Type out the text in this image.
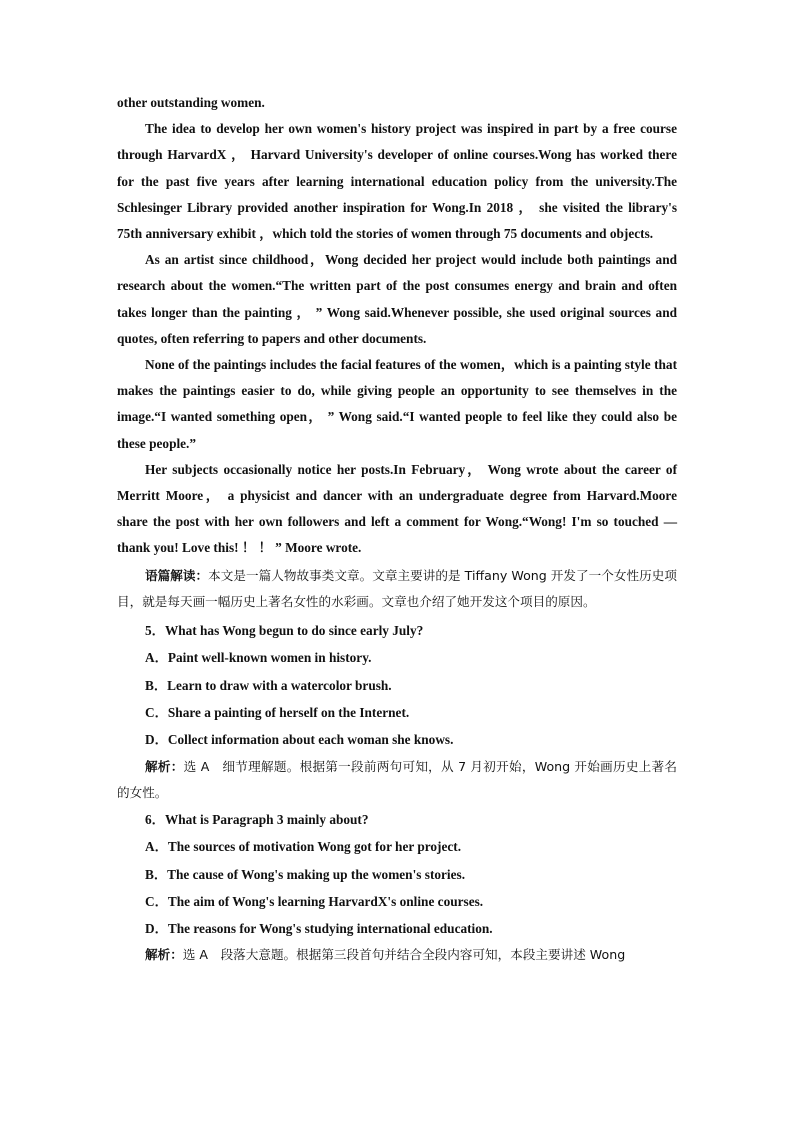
other outstanding women.

The idea to develop her own women's history project was inspired in part by a free course through HarvardX ， Harvard University's developer of online courses.Wong has worked there for the past five years after learning international education policy from the university.The Schlesinger Library provided another inspiration for Wong.In 2018 ， she visited the library's 75th anniversary exhibit ，which told the stories of women through 75 documents and objects.

As an artist since childhood，Wong decided her project would include both paintings and research about the women.“The written part of the post consumes energy and brain and often takes longer than the painting ， ” Wong said.Whenever possible, she used original sources and quotes, often referring to papers and other documents.

None of the paintings includes the facial features of the women，which is a painting style that makes the paintings easier to do, while giving people an opportunity to see themselves in the image.“I wanted something open， ” Wong said.“I wanted people to feel like they could also be these people.”

Her subjects occasionally notice her posts.In February， Wong wrote about the career of Merritt Moore， a physicist and dancer with an undergraduate degree from Harvard.Moore share the post with her own followers and left a comment for Wong.“Wong! I'm so touched — thank you! Love this! ！ ！ ” Moore wrote.

语篇解读：本文是一篇人物故事类文章。文章主要讲的是 Tiffany Wong 开发了一个女性历史项目，就是每天画一幅历史上著名女性的水彩画。文章也介绍了她开发这个项目的原因。

5．What has Wong begun to do since early July?

A．Paint well-known women in history.

B．Learn to draw with a watercolor brush.

C．Share a painting of herself on the Internet.

D．Collect information about each woman she knows.

解析：选 A　细节理解题。根据第一段前两句可知，从 7 月初开始，Wong 开始画历史上著名的女性。

6．What is Paragraph 3 mainly about?

A．The sources of motivation Wong got for her project.

B．The cause of Wong's making up the women's stories.

C．The aim of Wong's learning HarvardX's online courses.

D．The reasons for Wong's studying international education.

解析：选 A　段落大意题。根据第三段首句并结合全段内容可知，本段主要讲述 Wong
